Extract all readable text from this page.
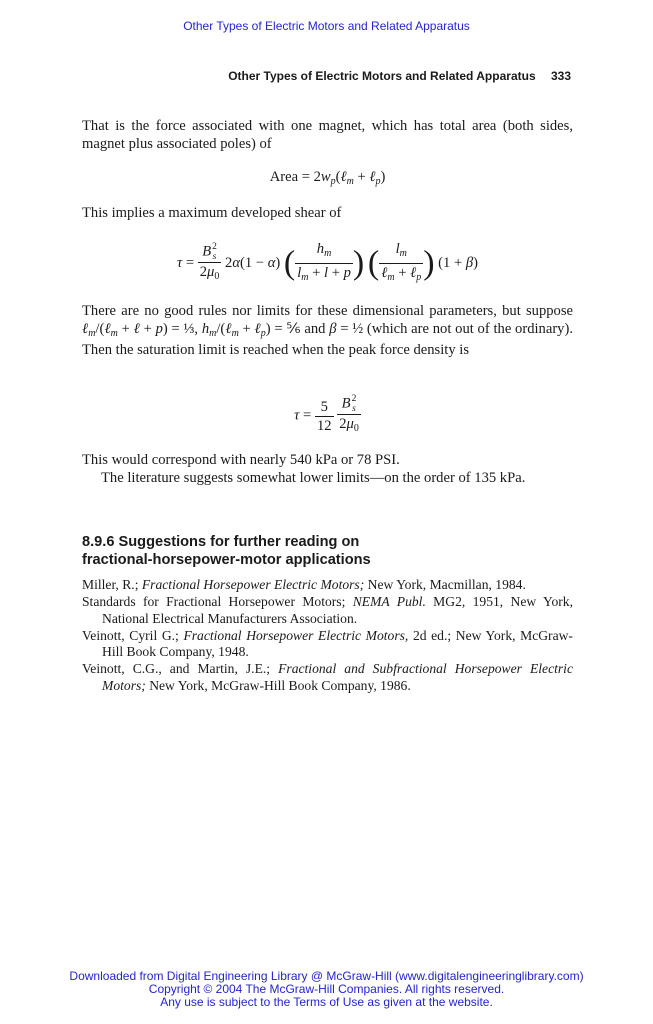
Other Types of Electric Motors and Related Apparatus
Other Types of Electric Motors and Related Apparatus 333
That is the force associated with one magnet, which has total area (both sides, magnet plus associated poles) of
Area = $2w_p(\ell_m$ + ℓ$_p$)
This implies a maximum developed shear of
τ = B 2
s
$2\mu_0$ 2α(1 − α) ( $\frac{h_m}{l_m + l + p}$ ) ( $\frac{l_m}{\ell_m + \ell_p}$ ) (1 + β)
There are no good rules nor limits for these dimensional parameters, but suppose ℓ$_m$/(ℓ$_m$ + ℓ + p) = ⅓, $h_m/(\ell_m$ + ℓ$_p$) = ⅚ and β = ½ (which are not out of the ordinary). Then the saturation limit is reached when the peak force density is
$\tau = \frac{5}{12}$
B 2
s
$2\mu_0$
This would correspond with nearly 540 kPa or 78 PSI.
The literature suggests somewhat lower limits—on the order of 135 kPa.
8.9.6 Suggestions for further reading on
fractional-horsepower-motor applications

Miller, R.; Fractional Horsepower Electric Motors; New York, Macmillan, 1984.

Standards for Fractional Horsepower Motors; NEMA Publ. MG2, 1951, New York, National Electrical Manufacturers Association.

Veinott, Cyril G.; Fractional Horsepower Electric Motors, 2d ed.; New York, McGraw-Hill Book Company, 1948.

Veinott, C.G., and Martin, J.E.; Fractional and Subfractional Horsepower Electric Motors; New York, McGraw-Hill Book Company, 1986.

Downloaded from Digital Engineering Library @ McGraw-Hill (www.digitalengineeringlibrary.com)
Copyright © 2004 The McGraw-Hill Companies. All rights reserved.
Any use is subject to the Terms of Use as given at the website.
